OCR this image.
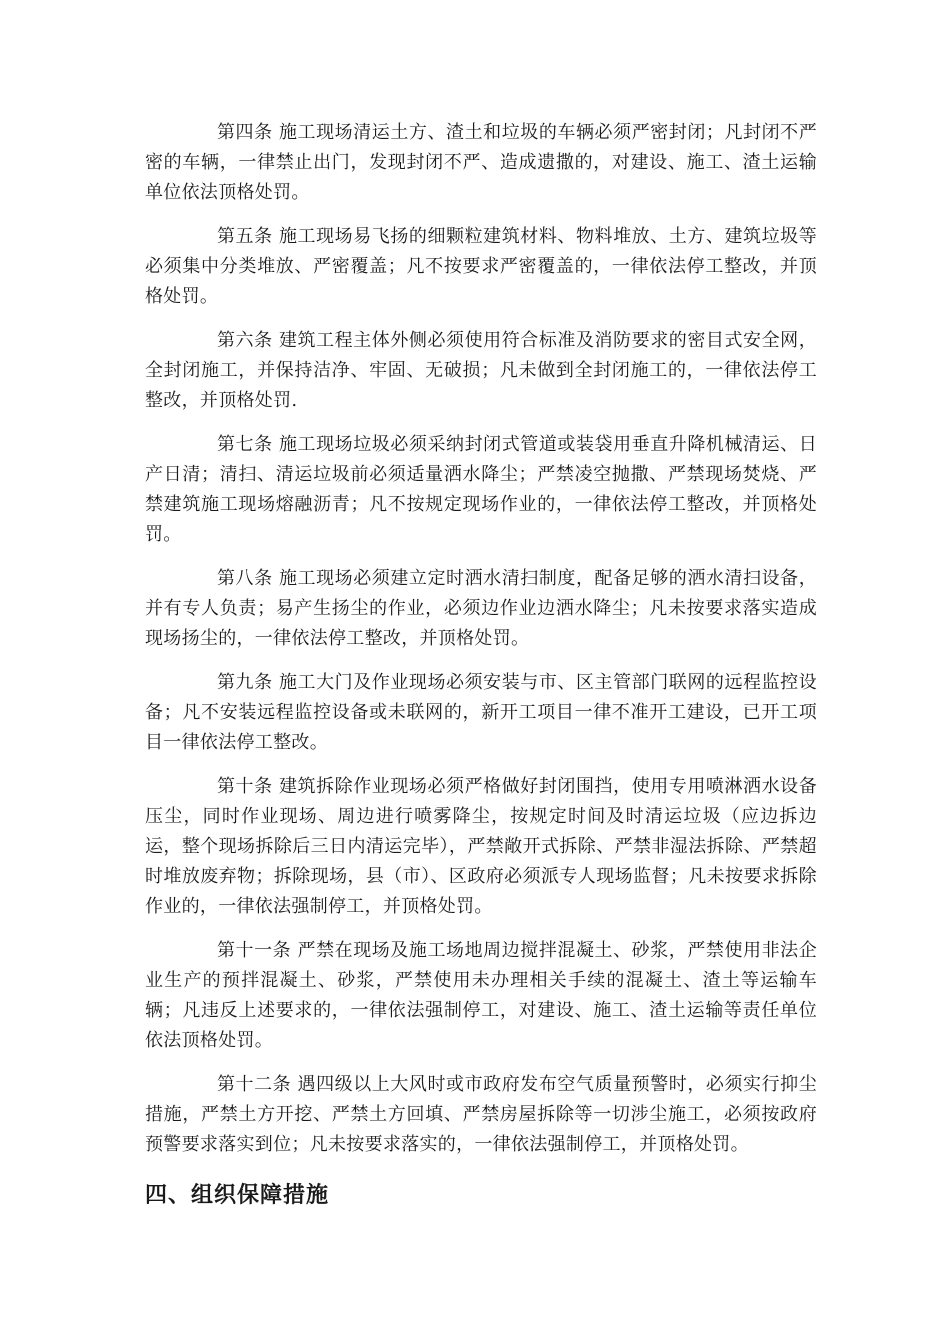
第四条 施工现场清运土方、渣土和垃圾的车辆必须严密封闭；凡封闭不严密的车辆，一律禁止出门，发现封闭不严、造成遗撒的，对建设、施工、渣土运输单位依法顶格处罚。

第五条 施工现场易飞扬的细颗粒建筑材料、物料堆放、土方、建筑垃圾等必须集中分类堆放、严密覆盖；凡不按要求严密覆盖的，一律依法停工整改，并顶格处罚。

第六条 建筑工程主体外侧必须使用符合标准及消防要求的密目式安全网，全封闭施工，并保持洁净、牢固、无破损；凡未做到全封闭施工的，一律依法停工整改，并顶格处罚.

第七条 施工现场垃圾必须采纳封闭式管道或装袋用垂直升降机械清运、日产日清；清扫、清运垃圾前必须适量洒水降尘；严禁凌空抛撒、严禁现场焚烧、严禁建筑施工现场熔融沥青；凡不按规定现场作业的，一律依法停工整改，并顶格处罚。

第八条 施工现场必须建立定时洒水清扫制度，配备足够的洒水清扫设备，并有专人负责；易产生扬尘的作业，必须边作业边洒水降尘；凡未按要求落实造成现场扬尘的，一律依法停工整改，并顶格处罚。

第九条 施工大门及作业现场必须安装与市、区主管部门联网的远程监控设备；凡不安装远程监控设备或未联网的，新开工项目一律不准开工建设，已开工项目一律依法停工整改。

第十条 建筑拆除作业现场必须严格做好封闭围挡，使用专用喷淋洒水设备压尘，同时作业现场、周边进行喷雾降尘，按规定时间及时清运垃圾（应边拆边运，整个现场拆除后三日内清运完毕），严禁敞开式拆除、严禁非湿法拆除、严禁超时堆放废弃物；拆除现场，县（市）、区政府必须派专人现场监督；凡未按要求拆除作业的，一律依法强制停工，并顶格处罚。

第十一条 严禁在现场及施工场地周边搅拌混凝土、砂浆，严禁使用非法企业生产的预拌混凝土、砂浆，严禁使用未办理相关手续的混凝土、渣土等运输车辆；凡违反上述要求的，一律依法强制停工，对建设、施工、渣土运输等责任单位依法顶格处罚。

第十二条 遇四级以上大风时或市政府发布空气质量预警时，必须实行抑尘措施，严禁土方开挖、严禁土方回填、严禁房屋拆除等一切涉尘施工，必须按政府预警要求落实到位；凡未按要求落实的，一律依法强制停工，并顶格处罚。

四、组织保障措施
